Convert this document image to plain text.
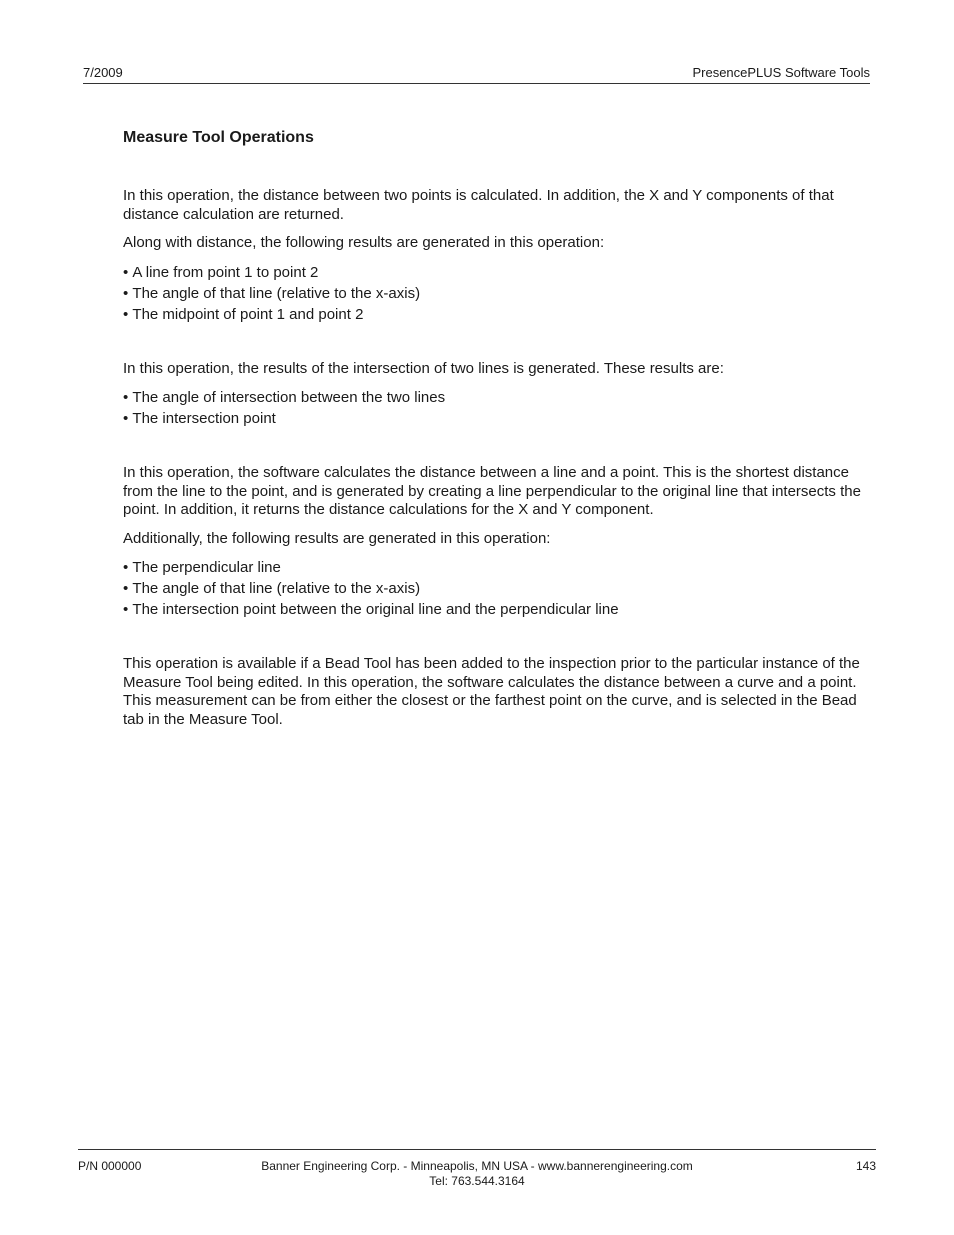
7/2009	PresencePLUS Software Tools
Measure Tool Operations

In this operation, the distance between two points is calculated. In addition, the X and Y components of that distance calculation are returned.

Along with distance, the following results are generated in this operation:

• A line from point 1 to point 2
• The angle of that line (relative to the x-axis)
• The midpoint of point 1 and point 2

In this operation, the results of the intersection of two lines is generated. These results are:

• The angle of intersection between the two lines
• The intersection point

In this operation, the software calculates the distance between a line and a point. This is the shortest distance from the line to the point, and is generated by creating a line perpendicular to the original line that intersects the point. In addition, it returns the distance calculations for the X and Y component.

Additionally, the following results are generated in this operation:

• The perpendicular line
• The angle of that line (relative to the x-axis)
• The intersection point between the original line and the perpendicular line

This operation is available if a Bead Tool has been added to the inspection prior to the particular instance of the Measure Tool being edited. In this operation, the software calculates the distance between a curve and a point. This measurement can be from either the closest or the farthest point on the curve, and is selected in the Bead tab in the Measure Tool.

P/N 000000	Banner Engineering Corp. - Minneapolis, MN USA - www.bannerengineering.com
Tel: 763.544.3164
143
